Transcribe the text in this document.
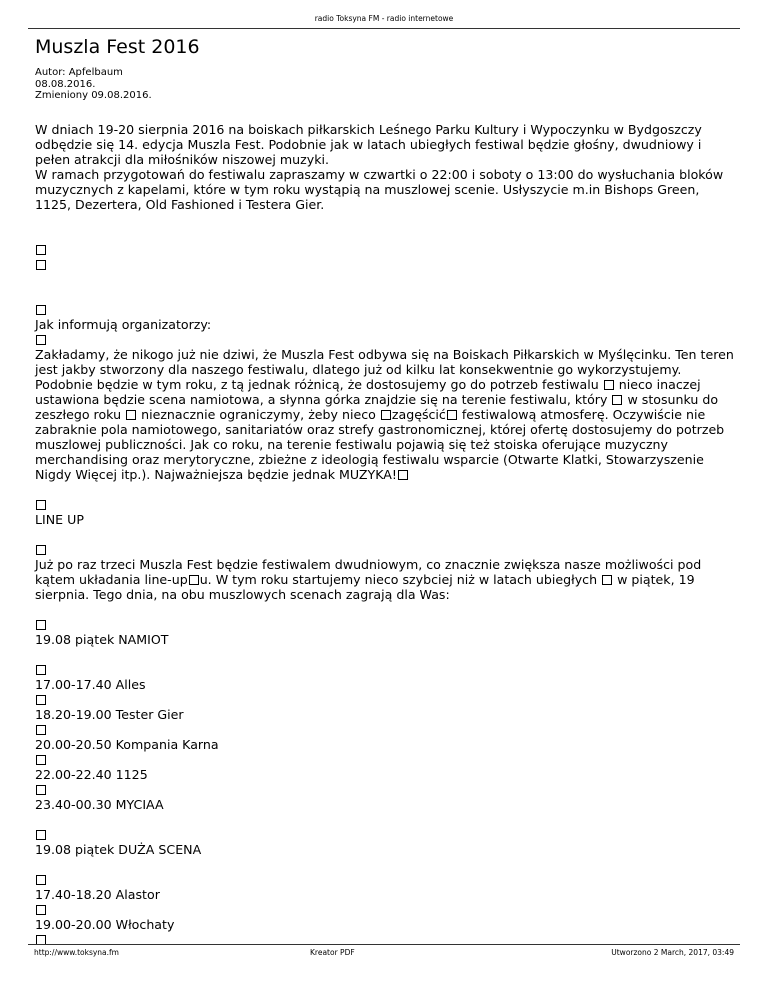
radio Toksyna FM - radio internetowe
Muszla Fest 2016
Autor: Apfelbaum
08.08.2016.
Zmieniony 09.08.2016.

W dniach 19-20 sierpnia 2016 na boiskach piłkarskich Leśnego Parku Kultury i Wypoczynku w Bydgoszczy odbędzie się 14. edycja Muszla Fest. Podobnie jak w latach ubiegłych festiwal będzie głośny, dwudniowy i pełen atrakcji dla miłośników niszowej muzyki.
W ramach przygotowań do festiwalu zapraszamy w czwartki o 22:00 i soboty o 13:00 do wysłuchania bloków muzycznych z kapelami, które w tym roku wystąpią na muszlowej scenie. Usłyszycie m.in Bishops Green, 1125, Dezertera, Old Fashioned i Testera Gier.

Jak informują organizatorzy:

Zakładamy, że nikogo już nie dziwi, że Muszla Fest odbywa się na Boiskach Piłkarskich w Myślęcinku. Ten teren jest jakby stworzony dla naszego festiwalu, dlatego już od kilku lat konsekwentnie go wykorzystujemy. Podobnie będzie w tym roku, z tą jednak różnicą, że dostosujemy go do potrzeb festiwalu nieco inaczej ustawiona będzie scena namiotowa, a słynna górka znajdzie się na terenie festiwalu, który w stosunku do zeszłego roku nieznacznie ograniczymy, żeby nieco zagęścić festiwalową atmosferę. Oczywiście nie zabraknie pola namiotowego, sanitariatów oraz strefy gastronomicznej, której ofertę dostosujemy do potrzeb muszlowej publiczności. Jak co roku, na terenie festiwalu pojawią się też stoiska oferujące muzyczny merchandising oraz merytoryczne, zbieżne z ideologią festiwalu wsparcie (Otwarte Klatki, Stowarzyszenie Nigdy Więcej itp.). Najważniejsza będzie jednak MUZYKA!

LINE UP

Już po raz trzeci Muszla Fest będzie festiwalem dwudniowym, co znacznie zwiększa nasze możliwości pod kątem układania line-up u. W tym roku startujemy nieco szybciej niż w latach ubiegłych w piątek, 19 sierpnia. Tego dnia, na obu muszlowych scenach zagrają dla Was:

19.08 piątek NAMIOT

17.00-17.40 Alles

18.20-19.00 Tester Gier

20.00-20.50 Kompania Karna

22.00-22.40 1125

23.40-00.30 MYCIAA

19.08 piątek DUŻA SCENA

17.40-18.20 Alastor

19.00-20.00 Włochaty

http://www.toksyna.fm	Kreator PDF	Utworzono 2 March, 2017, 03:49
